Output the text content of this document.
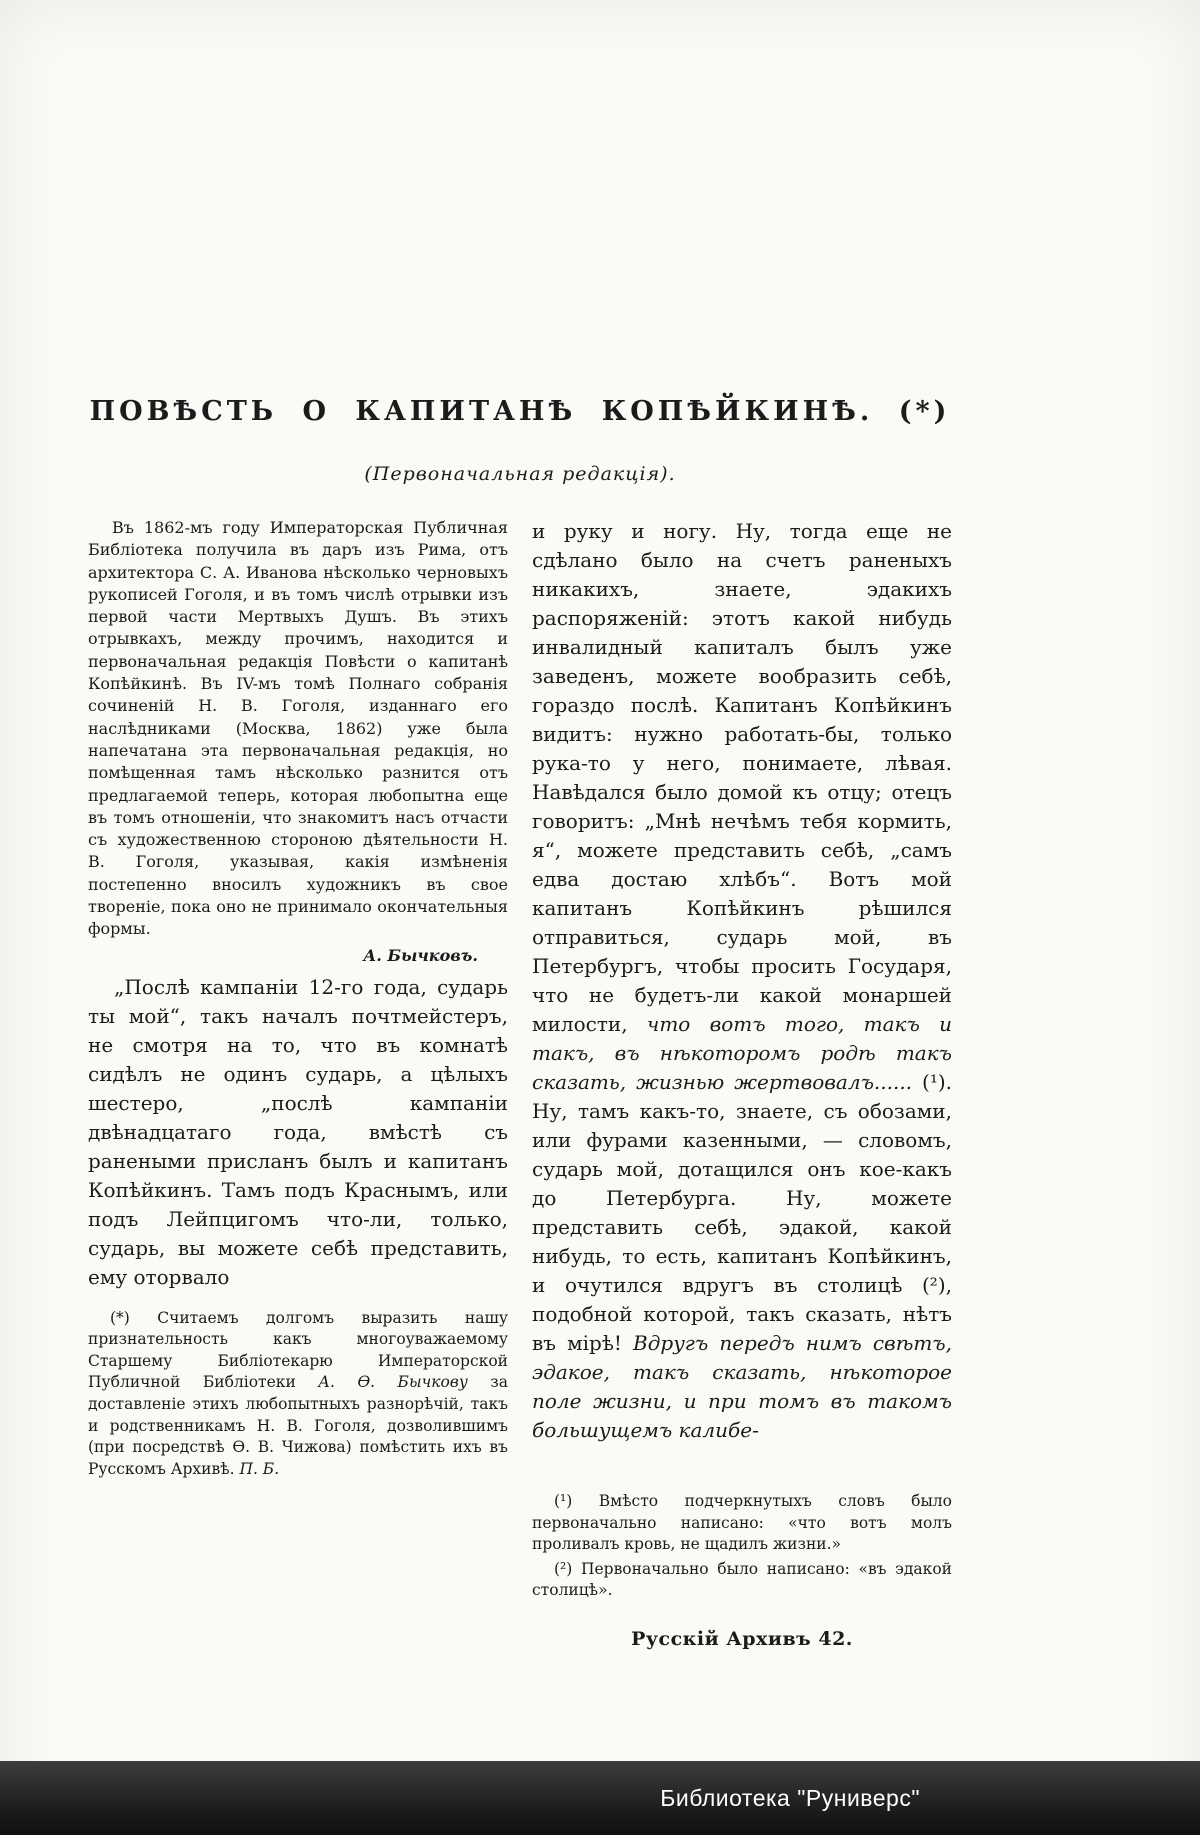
ПОВѢСТЬ О КАПИТАНѢ КОПѢЙКИНѢ. (*)
(Первоначальная редакція).

Въ 1862-мъ году Императорская Публичная Библіотека получила въ даръ изъ Рима, отъ архитектора С. А. Иванова нѣсколько черновыхъ рукописей Гоголя, и въ томъ числѣ отрывки изъ первой части Мертвыхъ Душъ. Въ этихъ отрывкахъ, между прочимъ, находится и первоначальная редакція Повѣсти о капитанѣ Копѣйкинѣ. Въ IV-мъ томѣ Полнаго собранія сочиненій Н. В. Гоголя, изданнаго его наслѣдниками (Москва, 1862) уже была напечатана эта первоначальная редакція, но помѣщенная тамъ нѣсколько разнится отъ предлагаемой теперь, которая любопытна еще въ томъ отношеніи, что знакомитъ насъ отчасти съ художественною стороною дѣятельности Н. В. Гоголя, указывая, какія измѣненія постепенно вносилъ художникъ въ свое твореніе, пока оно не принимало окончательныя формы.

А. Бычковъ.

„Послѣ кампаніи 12-го года, сударь ты мой“, такъ началъ почтмейстеръ, не смотря на то, что въ комнатѣ сидѣлъ не одинъ сударь, а цѣлыхъ шестеро, „послѣ кампаніи двѣнадцатаго года, вмѣстѣ съ ранеными присланъ былъ и капитанъ Копѣйкинъ. Тамъ подъ Краснымъ, или подъ Лейпцигомъ что-ли, только, сударь, вы можете себѣ представить, ему оторвало

(*) Считаемъ долгомъ выразить нашу признательность какъ многоуважаемому Старшему Библіотекарю Императорской Публичной Библіотеки А. Ѳ. Бычкову за доставленіе этихъ любопытныхъ разнорѣчій, такъ и родственникамъ Н. В. Гоголя, дозволившимъ (при посредствѣ Ѳ. В. Чижова) помѣстить ихъ въ Русскомъ Архивѣ. П. Б.

и руку и ногу. Ну, тогда еще не сдѣлано было на счетъ раненыхъ никакихъ, знаете, эдакихъ распоряженій: этотъ какой нибудь инвалидный капиталъ былъ уже заведенъ, можете вообразить себѣ, гораздо послѣ. Капитанъ Копѣйкинъ видитъ: нужно работать-бы, только рука-то у него, понимаете, лѣвая. Навѣдался было домой къ отцу; отецъ говоритъ: „Мнѣ нечѣмъ тебя кормить, я“, можете представить себѣ, „самъ едва достаю хлѣбъ“. Вотъ мой капитанъ Копѣйкинъ рѣшился отправиться, сударь мой, въ Петербургъ, чтобы просить Государя, что не будетъ-ли какой монаршей милости, что вотъ того, такъ и такъ, въ нѣкоторомъ родѣ такъ сказать, жизнью жертвовалъ...... (¹). Ну, тамъ какъ-то, знаете, съ обозами, или фурами казенными, — словомъ, сударь мой, дотащился онъ кое-какъ до Петербурга. Ну, можете представить себѣ, эдакой, какой нибудь, то есть, капитанъ Копѣйкинъ, и очутился вдругъ въ столицѣ (²), подобной которой, такъ сказать, нѣтъ въ мірѣ! Вдругъ передъ нимъ свѣтъ, эдакое, такъ сказать, нѣкоторое поле жизни, и при томъ въ такомъ большущемъ калибе-

(¹) Вмѣсто подчеркнутыхъ словъ было первоначально написано: «что вотъ молъ проливалъ кровь, не щадилъ жизни.»

(²) Первоначально было написано: «въ эдакой столицѣ».

Русскій Архивъ 42.

Библиотека "Руниверс"
